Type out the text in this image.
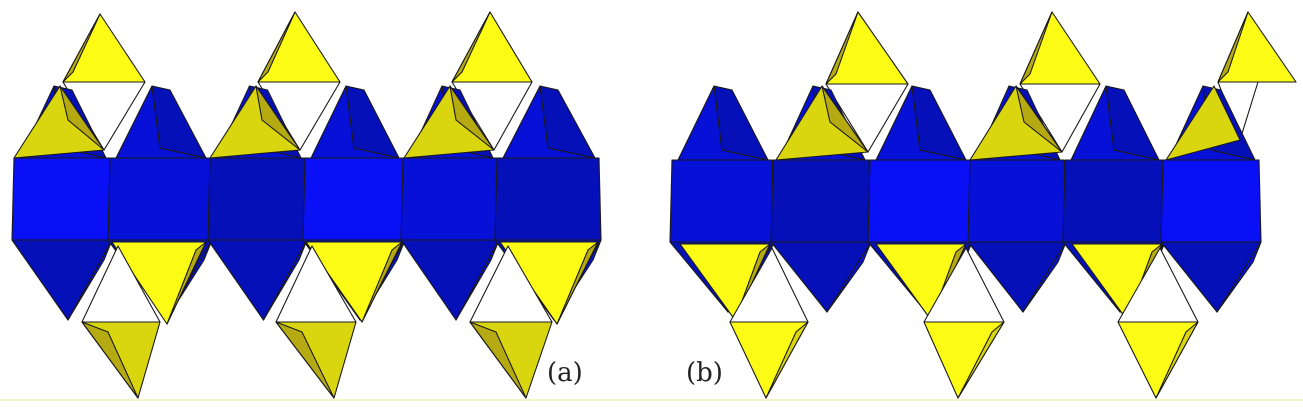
(a)	(b)
